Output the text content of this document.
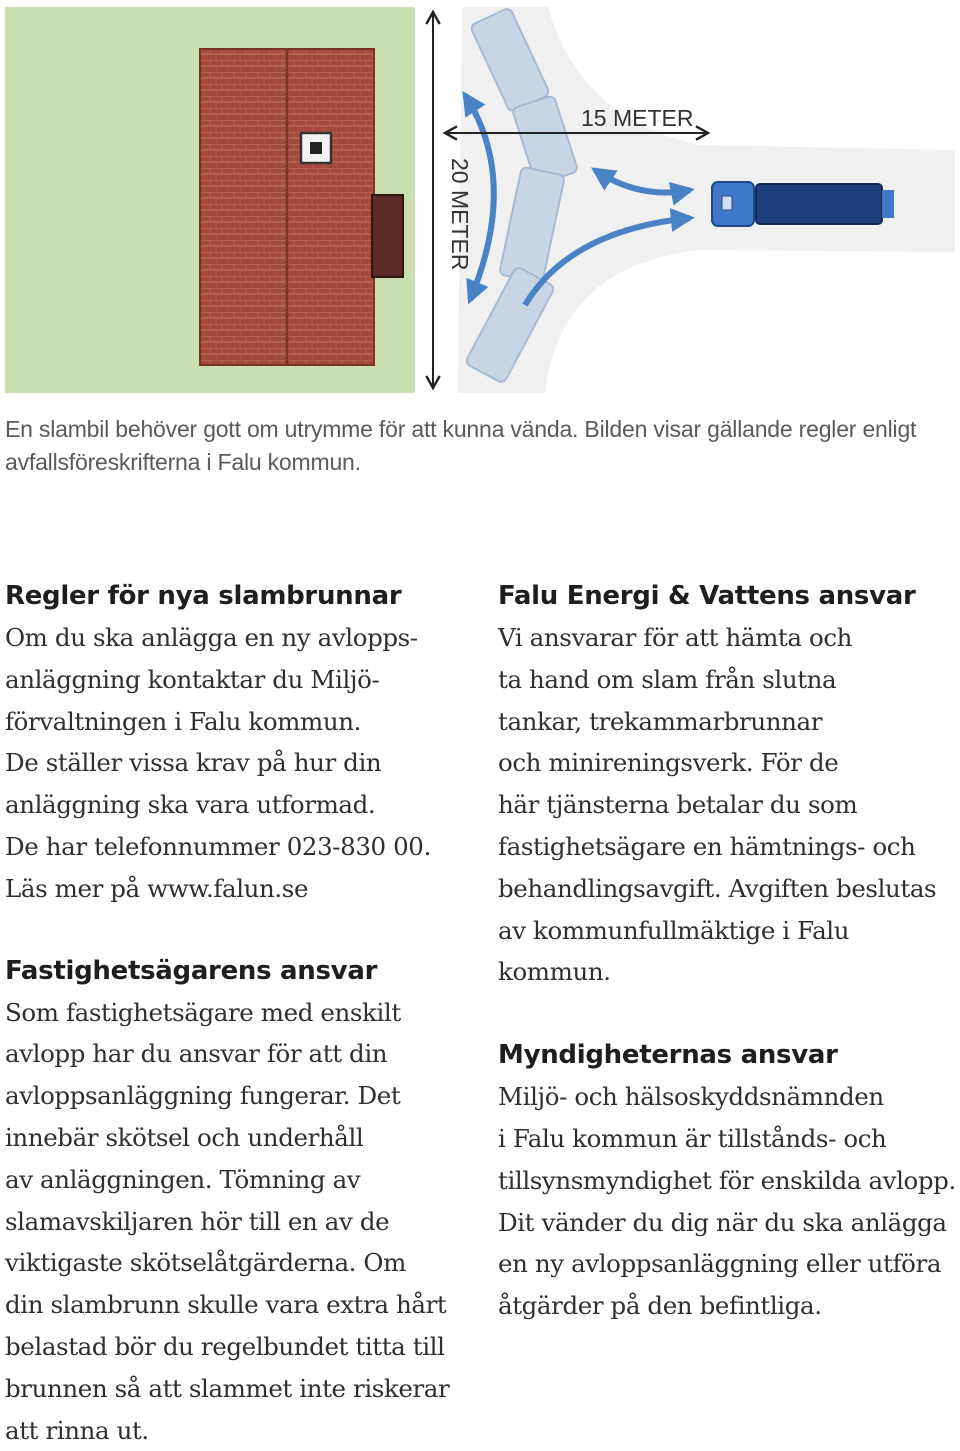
15 METER
20 METER
En slambil behöver gott om utrymme för att kunna vända. Bilden visar gällande regler enligt
avfallsföreskrifterna i Falu kommun.
Regler för nya slambrunnar

Om du ska anlägga en ny avlopps-
anläggning kontaktar du Miljö-
förvaltningen i Falu kommun.
De ställer vissa krav på hur din
anläggning ska vara utformad.
De har telefonnummer 023-830 00.
Läs mer på www.falun.se

Fastighetsägarens ansvar

Som fastighetsägare med enskilt
avlopp har du ansvar för att din
avloppsanläggning fungerar. Det
innebär skötsel och underhåll
av anläggningen. Tömning av
slamavskiljaren hör till en av de
viktigaste skötselåtgärderna. Om
din slambrunn skulle vara extra hårt
belastad bör du regelbundet titta till
brunnen så att slammet inte riskerar
att rinna ut.

Falu Energi & Vattens ansvar

Vi ansvarar för att hämta och
ta hand om slam från slutna
tankar, trekammarbrunnar
och minireningsverk. För de
här tjänsterna betalar du som
fastighetsägare en hämtnings- och
behandlingsavgift. Avgiften beslutas
av kommunfullmäktige i Falu
kommun.

Myndigheternas ansvar

Miljö- och hälsoskyddsnämnden
i Falu kommun är tillstånds- och
tillsynsmyndighet för enskilda avlopp.
Dit vänder du dig när du ska anlägga
en ny avloppsanläggning eller utföra
åtgärder på den befintliga.
